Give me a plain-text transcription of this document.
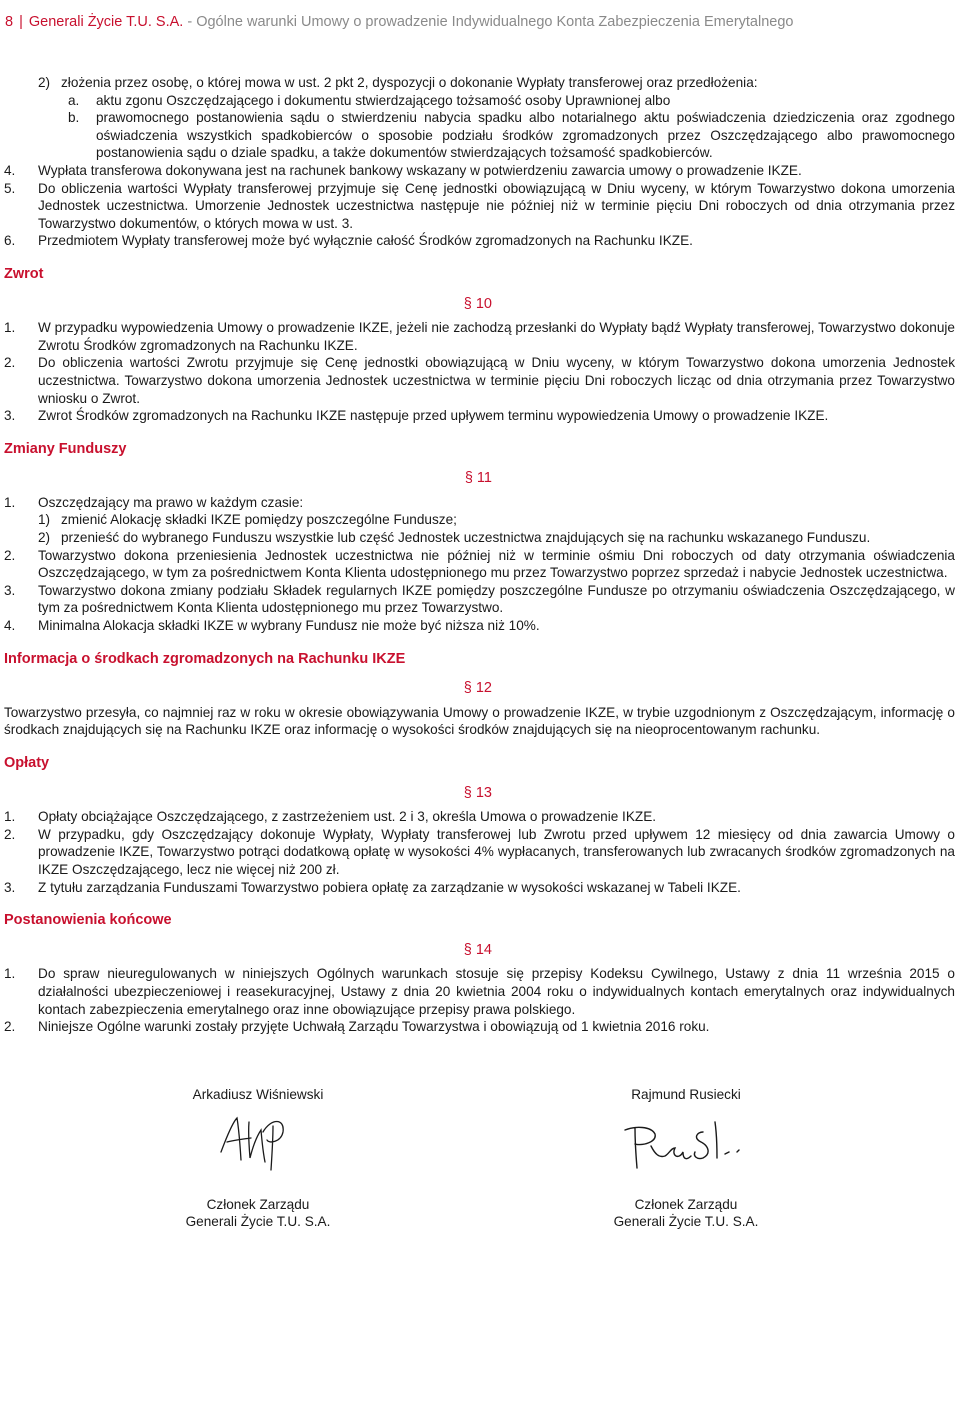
8 | Generali Życie T.U. S.A. - Ogólne warunki Umowy o prowadzenie Indywidualnego Konta Zabezpieczenia Emerytalnego
2) złożenia przez osobę, o której mowa w ust. 2 pkt 2, dyspozycji o dokonanie Wypłaty transferowej oraz przedłożenia:
a.	aktu zgonu Oszczędzającego i dokumentu stwierdzającego tożsamość osoby Uprawnionej albo
b.	prawomocnego postanowienia sądu o stwierdzeniu nabycia spadku albo notarialnego aktu poświadczenia dziedziczenia oraz zgodnego oświadczenia wszystkich spadkobierców o sposobie podziału środków zgromadzonych przez Oszczędzającego albo prawomocnego postanowienia sądu o dziale spadku, a także dokumentów stwierdzających tożsamość spadkobierców.
4.	Wypłata transferowa dokonywana jest na rachunek bankowy wskazany w potwierdzeniu zawarcia umowy o prowadzenie IKZE.
5.	Do obliczenia wartości Wypłaty transferowej przyjmuje się Cenę jednostki obowiązującą w Dniu wyceny, w którym Towarzystwo dokona umorzenia Jednostek uczestnictwa. Umorzenie Jednostek uczestnictwa następuje nie później niż w terminie pięciu Dni roboczych od dnia otrzymania przez Towarzystwo dokumentów, o których mowa w ust. 3.
6.	Przedmiotem Wypłaty transferowej może być wyłącznie całość Środków zgromadzonych na Rachunku IKZE.
Zwrot
§ 10
1.	W przypadku wypowiedzenia Umowy o prowadzenie IKZE, jeżeli nie zachodzą przesłanki do Wypłaty bądź Wypłaty transferowej, Towarzystwo dokonuje Zwrotu Środków zgromadzonych na Rachunku IKZE.
2.	Do obliczenia wartości Zwrotu przyjmuje się Cenę jednostki obowiązującą w Dniu wyceny, w którym Towarzystwo dokona umorzenia Jednostek uczestnictwa. Towarzystwo dokona umorzenia Jednostek uczestnictwa w terminie pięciu Dni roboczych licząc od dnia otrzymania przez Towarzystwo wniosku o Zwrot.
3.	Zwrot Środków zgromadzonych na Rachunku IKZE następuje przed upływem terminu wypowiedzenia Umowy o prowadzenie IKZE.
Zmiany Funduszy
§ 11
1.	Oszczędzający ma prawo w każdym czasie:
1) zmienić Alokację składki IKZE pomiędzy poszczególne Fundusze;
2) przenieść do wybranego Funduszu wszystkie lub część Jednostek uczestnictwa znajdujących się na rachunku wskazanego Funduszu.
2.	Towarzystwo dokona przeniesienia Jednostek uczestnictwa nie później niż w terminie ośmiu Dni roboczych od daty otrzymania oświadczenia Oszczędzającego, w tym za pośrednictwem Konta Klienta udostępnionego mu przez Towarzystwo poprzez sprzedaż i nabycie Jednostek uczestnictwa.
3.	Towarzystwo dokona zmiany podziału Składek regularnych IKZE pomiędzy poszczególne Fundusze po otrzymaniu oświadczenia Oszczędzającego, w tym za pośrednictwem Konta Klienta udostępnionego mu przez Towarzystwo.
4.	Minimalna Alokacja składki IKZE w wybrany Fundusz nie może być niższa niż 10%.
Informacja o środkach zgromadzonych na Rachunku IKZE
§ 12
Towarzystwo przesyła, co najmniej raz w roku w okresie obowiązywania Umowy o prowadzenie IKZE, w trybie uzgodnionym z Oszczędzającym, informację o środkach znajdujących się na Rachunku IKZE oraz informację o wysokości środków znajdujących się na nieoprocentowanym rachunku.
Opłaty
§ 13
1.	Opłaty obciążające Oszczędzającego, z zastrzeżeniem ust. 2 i 3, określa Umowa o prowadzenie IKZE.
2.	W przypadku, gdy Oszczędzający dokonuje Wypłaty, Wypłaty transferowej lub Zwrotu przed upływem 12 miesięcy od dnia zawarcia Umowy o prowadzenie IKZE, Towarzystwo potrąci dodatkową opłatę w wysokości 4% wypłacanych, transferowanych lub zwracanych środków zgromadzonych na IKZE Oszczędzającego, lecz nie więcej niż 200 zł.
3.	Z tytułu zarządzania Funduszami Towarzystwo pobiera opłatę za zarządzanie w wysokości wskazanej w Tabeli IKZE.
Postanowienia końcowe
§ 14
1.	Do spraw nieuregulowanych w niniejszych Ogólnych warunkach stosuje się przepisy Kodeksu Cywilnego, Ustawy z dnia 11 września 2015 o działalności ubezpieczeniowej i reasekuracyjnej, Ustawy z dnia 20 kwietnia 2004 roku o indywidualnych kontach emerytalnych oraz indywidualnych kontach zabezpieczenia emerytalnego oraz inne obowiązujące przepisy prawa polskiego.
2.	Niniejsze Ogólne warunki zostały przyjęte Uchwałą Zarządu Towarzystwa i obowiązują od 1 kwietnia 2016 roku.
Arkadiusz Wiśniewski
Członek Zarządu
Generali Życie T.U. S.A.
Rajmund Rusiecki
Członek Zarządu
Generali Życie T.U. S.A.
